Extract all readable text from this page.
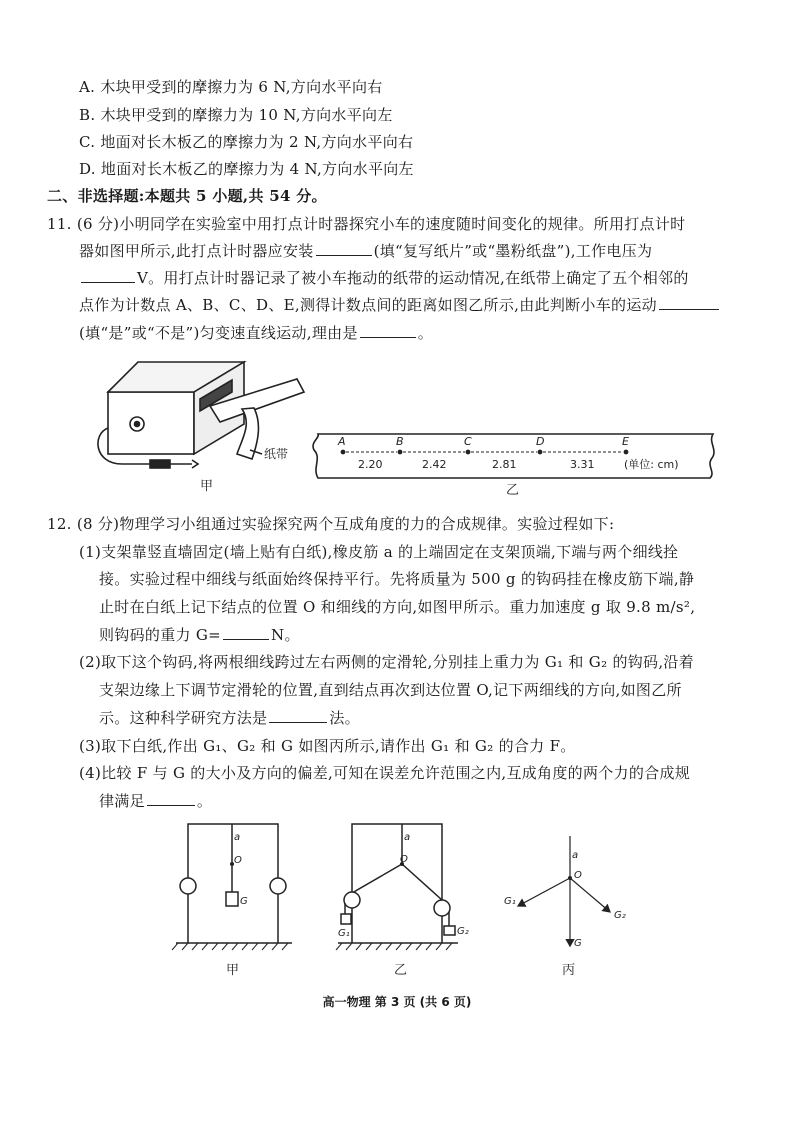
A. 木块甲受到的摩擦力为 6 N,方向水平向右
B. 木块甲受到的摩擦力为 10 N,方向水平向左
C. 地面对长木板乙的摩擦力为 2 N,方向水平向右
D. 地面对长木板乙的摩擦力为 4 N,方向水平向左
二、非选择题:本题共 5 小题,共 54 分。
11. (6 分)小明同学在实验室中用打点计时器探究小车的速度随时间变化的规律。所用打点计时
器如图甲所示,此打点计时器应安装	(填“复写纸片”或“墨粉纸盘”),工作电压为
V。用打点计时器记录了被小车拖动的纸带的运动情况,在纸带上确定了五个相邻的
点作为计数点 A、B、C、D、E,测得计数点间的距离如图乙所示,由此判断小车的运动
(填“是”或“不是”)匀变速直线运动,理由是	。
纸带
甲
A	B	C	D	E
2.20	2.42	2.81	3.31	(单位: cm)
乙
12. (8 分)物理学习小组通过实验探究两个互成角度的力的合成规律。实验过程如下:
(1)支架靠竖直墙固定(墙上贴有白纸),橡皮筋 a 的上端固定在支架顶端,下端与两个细线拴
接。实验过程中细线与纸面始终保持平行。先将质量为 500 g 的钩码挂在橡皮筋下端,静
止时在白纸上记下结点的位置 O 和细线的方向,如图甲所示。重力加速度 g 取 9.8 m/s²,
则钩码的重力 G=	N。
(2)取下这个钩码,将两根细线跨过左右两侧的定滑轮,分别挂上重力为 G₁ 和 G₂ 的钩码,沿着
支架边缘上下调节定滑轮的位置,直到结点再次到达位置 O,记下两细线的方向,如图乙所
示。这种科学研究方法是	法。
(3)取下白纸,作出 G₁、G₂ 和 G 如图丙所示,请作出 G₁ 和 G₂ 的合力 F。
(4)比较 F 与 G 的大小及方向的偏差,可知在误差允许范围之内,互成角度的两个力的合成规
律满足	。
a
O
G
甲
a
O
G₁	G₂
乙
a
O
G₁
G₂
G
丙
高一物理 第 3 页 (共 6 页)
